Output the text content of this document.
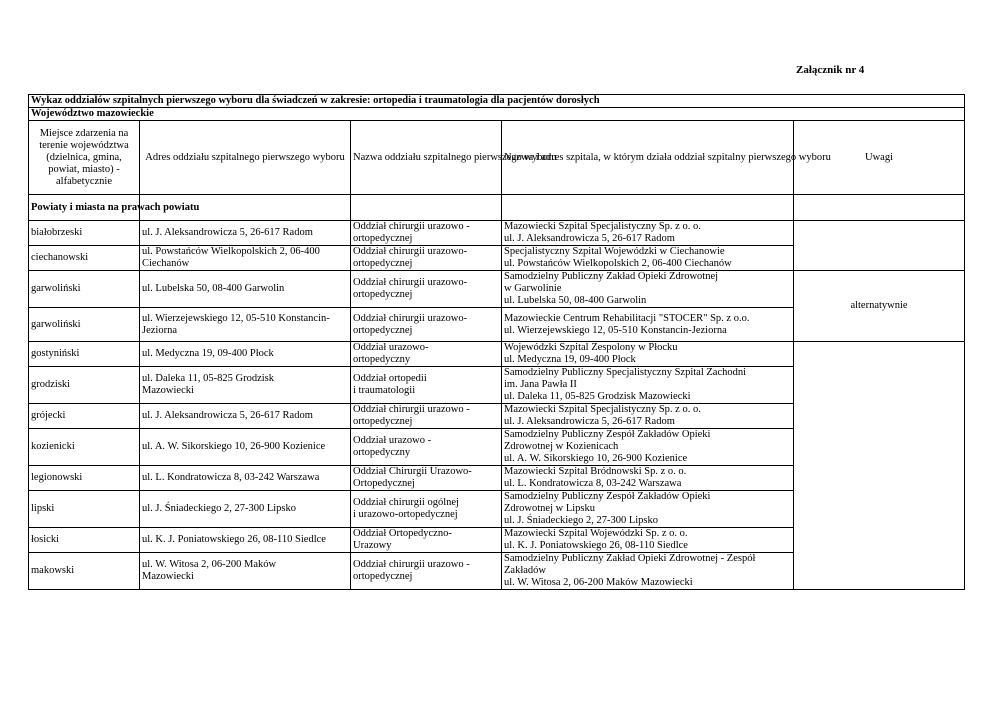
Załącznik nr 4
Wykaz oddziałów szpitalnych pierwszego wyboru dla świadczeń w zakresie: ortopedia i traumatologia dla pacjentów dorosłych				
Województwo mazowieckie				

Miejsce zdarzenia na
terenie województwa
(dzielnica, gmina,
powiat, miasto) -
alfabetycznie	Adres oddziału szpitalnego pierwszego wyboru	Nazwa oddziału szpitalnego pierwszego wyboru	Nazwa i adres szpitala, w którym działa oddział szpitalny pierwszego wyboru	Uwagi
Powiaty i miasta na prawach powiatu				
białobrzeski	ul. J. Aleksandrowicza 5, 26-617 Radom	Oddział chirurgii urazowo -
ortopedycznej	Mazowiecki Szpital Specjalistyczny Sp. z o. o.
ul. J. Aleksandrowicza 5, 26-617 Radom	

ciechanowski	ul. Powstańców Wielkopolskich 2, 06-400
Ciechanów	Oddział chirurgii urazowo-
ortopedycznej	Specjalistyczny Szpital Wojewódzki w Ciechanowie
ul. Powstańców Wielkopolskich 2, 06-400 Ciechanów	

garwoliński	ul. Lubelska 50, 08-400 Garwolin	Oddział chirurgii urazowo-
ortopedycznej	Samodzielny Publiczny Zakład Opieki Zdrowotnej
w Garwolinie
ul. Lubelska 50, 08-400 Garwolin	alternatywnie
garwoliński	ul. Wierzejewskiego 12, 05-510 Konstancin-
Jeziorna	Oddział chirurgii urazowo-
ortopedycznej	Mazowieckie Centrum Rehabilitacji "STOCER" Sp. z o.o.
ul. Wierzejewskiego 12, 05-510 Konstancin-Jeziorna	

gostyniński	ul. Medyczna 19, 09-400 Płock	Oddział urazowo-
ortopedyczny	Wojewódzki Szpital Zespolony w Płocku
ul. Medyczna 19, 09-400 Płock	

grodziski	ul. Daleka 11, 05-825 Grodzisk
Mazowiecki	Oddział ortopedii
i traumatologii	Samodzielny Publiczny Specjalistyczny Szpital Zachodni
im. Jana Pawła II
ul. Daleka 11, 05-825 Grodzisk Mazowiecki	

grójecki	ul. J. Aleksandrowicza 5, 26-617 Radom	Oddział chirurgii urazowo -
ortopedycznej	Mazowiecki Szpital Specjalistyczny Sp. z o. o.
ul. J. Aleksandrowicza 5, 26-617 Radom	

kozienicki	ul. A. W. Sikorskiego 10, 26-900 Kozienice	Oddział urazowo -
ortopedyczny	Samodzielny Publiczny Zespół Zakładów Opieki
Zdrowotnej w Kozienicach
ul. A. W. Sikorskiego 10, 26-900 Kozienice	

legionowski	ul. L. Kondratowicza 8, 03-242 Warszawa	Oddział Chirurgii Urazowo-
Ortopedycznej	Mazowiecki Szpital Bródnowski Sp. z o. o.
ul. L. Kondratowicza 8, 03-242 Warszawa	

lipski	ul. J. Śniadeckiego 2, 27-300 Lipsko	Oddział chirurgii ogólnej
i urazowo-ortopedycznej	Samodzielny Publiczny Zespół Zakładów Opieki
Zdrowotnej w Lipsku
ul. J. Śniadeckiego 2, 27-300 Lipsko	

łosicki	ul. K. J. Poniatowskiego 26, 08-110 Siedlce	Oddział Ortopedyczno-
Urazowy	Mazowiecki Szpital Wojewódzki Sp. z o. o.
ul. K. J. Poniatowskiego 26, 08-110 Siedlce	

makowski	ul. W. Witosa 2, 06-200 Maków
Mazowiecki	Oddział chirurgii urazowo -
ortopedycznej	Samodzielny Publiczny Zakład Opieki Zdrowotnej - Zespół
Zakładów
ul. W. Witosa 2, 06-200 Maków Mazowiecki	
